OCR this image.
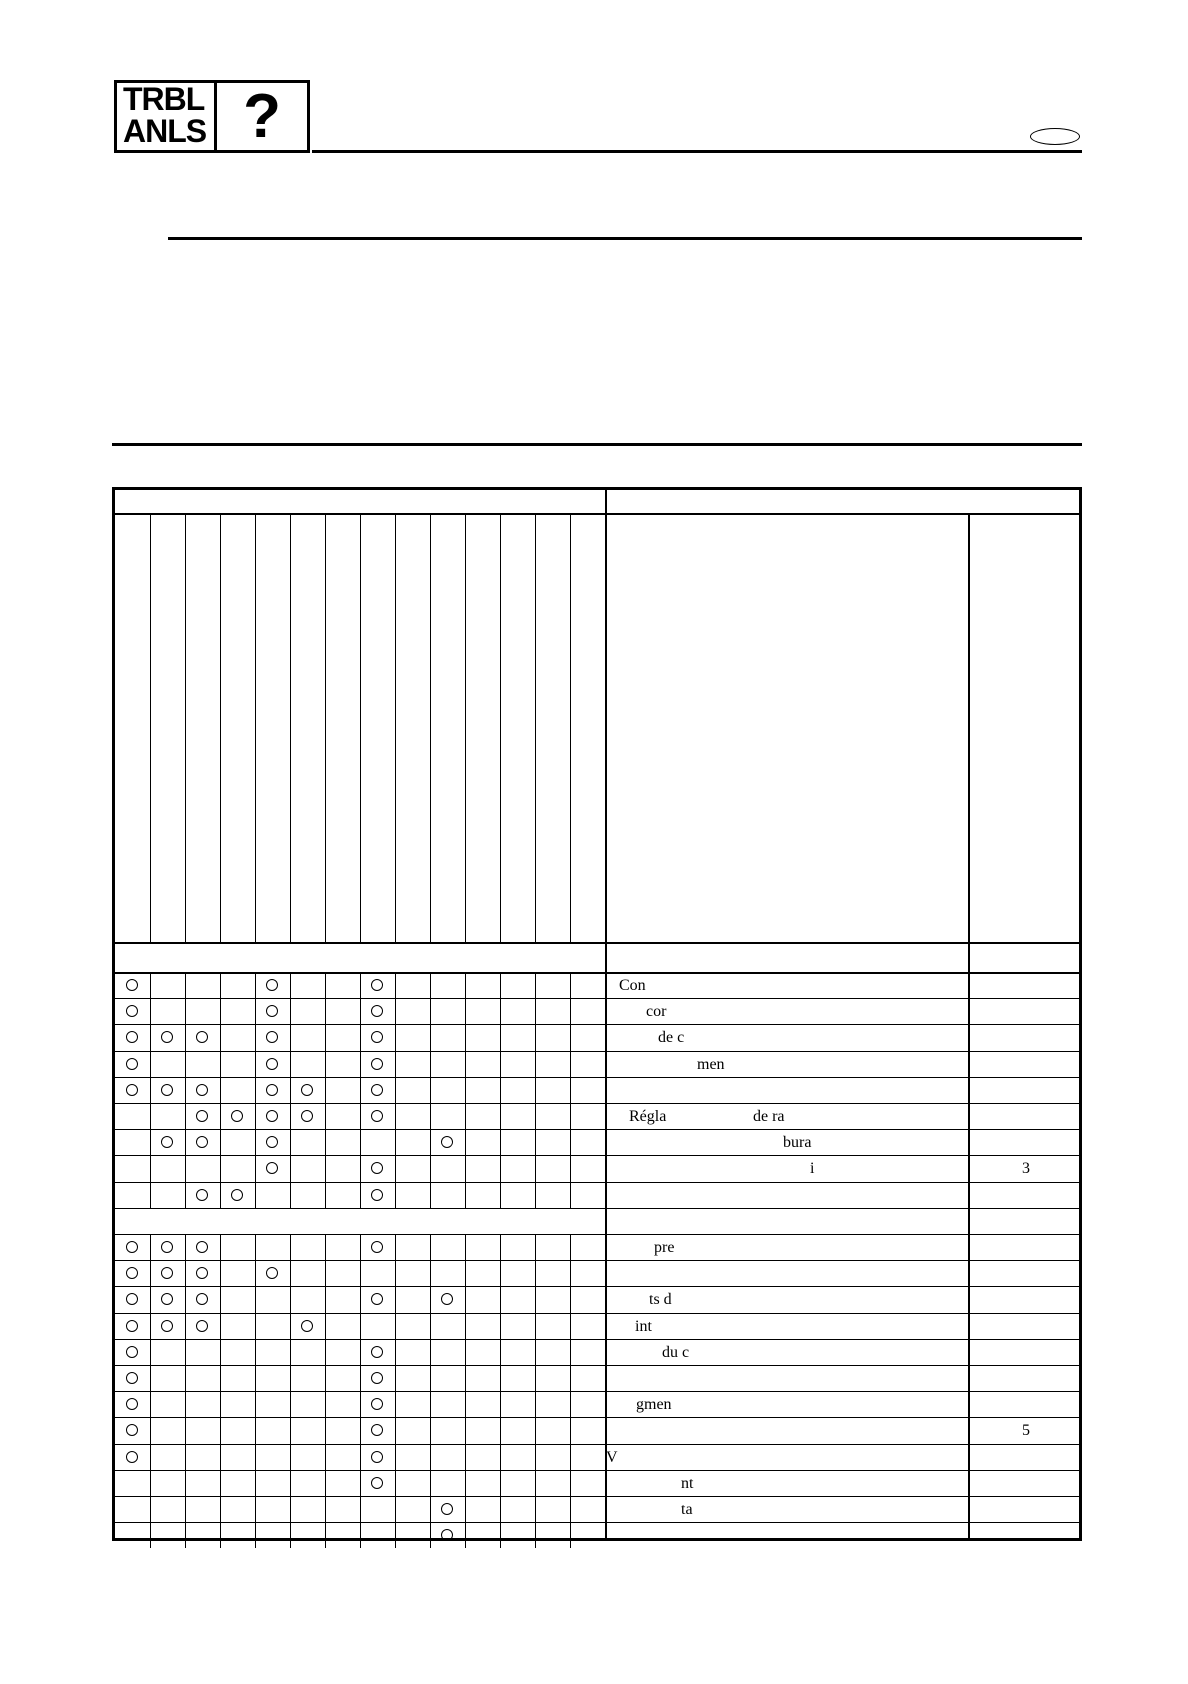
TRBL
ANLS ?
Con
cor
de c
men
Régla	de ra
bura
i	3
pre
ts d
int
du c
gmen
5
V
nt
ta
